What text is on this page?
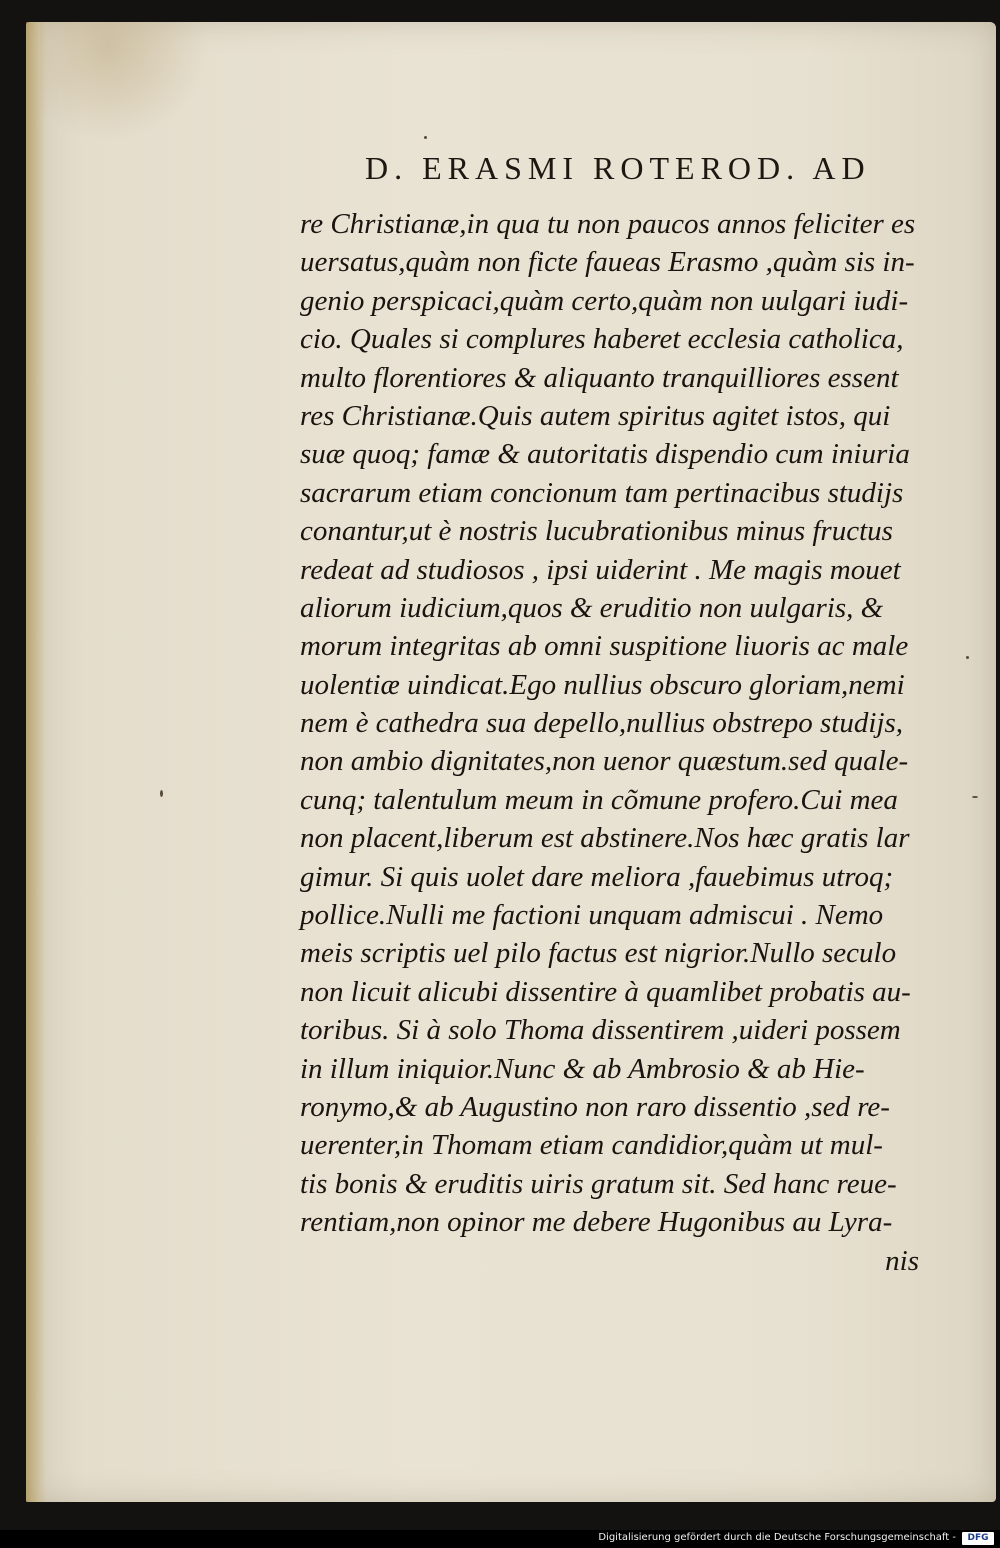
D. ERASMI ROTEROD. AD
re Christianæ,in qua tu non paucos annos feliciter es
uersatus,quàm non ficte faueas Erasmo ,quàm sis in-
genio perspicaci,quàm certo,quàm non uulgari iudi-
cio. Quales si complures haberet ecclesia catholica,
multo florentiores & aliquanto tranquilliores essent
res Christianæ.Quis autem spiritus agitet istos, qui
suæ quoq; famæ & autoritatis dispendio cum iniuria
sacrarum etiam concionum tam pertinacibus studijs
conantur,ut è nostris lucubrationibus minus fructus
redeat ad studiosos , ipsi uiderint . Me magis mouet
aliorum iudicium,quos & eruditio non uulgaris, &
morum integritas ab omni suspitione liuoris ac male
uolentiæ uindicat.Ego nullius obscuro gloriam,nemi
nem è cathedra sua depello,nullius obstrepo studijs,
non ambio dignitates,non uenor quæstum.sed quale-
cunq; talentulum meum in cõmune profero.Cui mea
non placent,liberum est abstinere.Nos hæc gratis lar
gimur. Si quis uolet dare meliora ,fauebimus utroq;
pollice.Nulli me factioni unquam admiscui . Nemo
meis scriptis uel pilo factus est nigrior.Nullo seculo
non licuit alicubi dissentire à quamlibet probatis au-
toribus. Si à solo Thoma dissentirem ,uideri possem
in illum iniquior.Nunc & ab Ambrosio & ab Hie-
ronymo,& ab Augustino non raro dissentio ,sed re-
uerenter,in Thomam etiam candidior,quàm ut mul-
tis bonis & eruditis uiris gratum sit. Sed hanc reue-
rentiam,non opinor me debere Hugonibus au Lyra-
nis
Digitalisierung gefördert durch die Deutsche Forschungsgemeinschaft -	DFG
